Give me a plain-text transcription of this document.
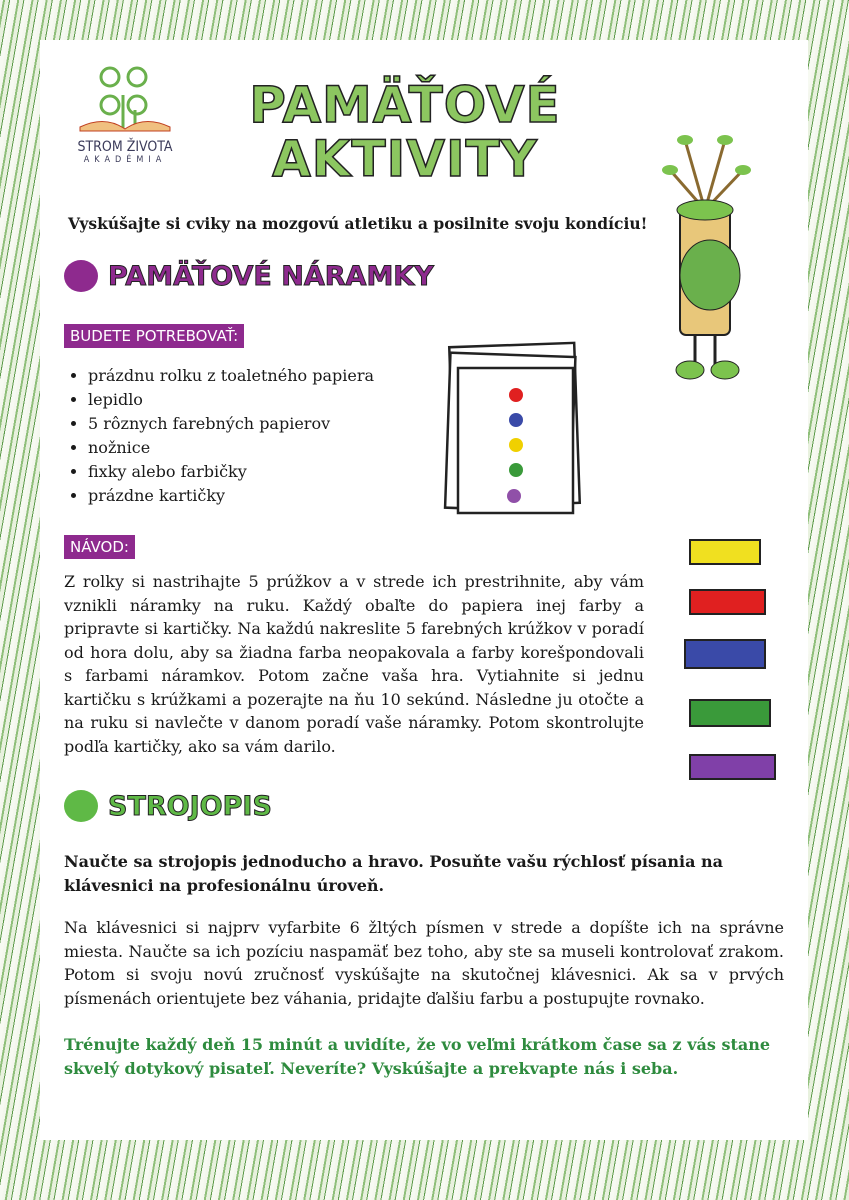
STROM ŽIVOTA
AKADÉMIA
PAMÄŤOVÉ
AKTIVITY
Vyskúšajte si cviky na mozgovú atletiku a posilnite svoju kondíciu!
PAMÄŤOVÉ NÁRAMKY
BUDETE POTREBOVAŤ:
• prázdnu rolku z toaletného papiera
• lepidlo
• 5 rôznych farebných papierov
• nožnice
• fixky alebo farbičky
• prázdne kartičky
NÁVOD:

Z rolky si nastrihajte 5 prúžkov a v strede ich prestrihnite, aby vám vznikli náramky na ruku. Každý obaľte do papiera inej farby a pripravte si kartičky. Na každú nakreslite 5 farebných krúžkov v poradí od hora dolu, aby sa žiadna farba neopakovala a farby korešpondovali s farbami náramkov. Potom začne vaša hra. Vytiahnite si jednu kartičku s krúžkami a pozerajte na ňu 10 sekúnd. Následne ju otočte a na ruku si navlečte v danom poradí vaše náramky. Potom skontrolujte podľa kartičky, ako sa vám darilo.

STROJOPIS

Naučte sa strojopis jednoducho a hravo. Posuňte vašu rýchlosť písania na klávesnici na profesionálnu úroveň.

Na klávesnici si najprv vyfarbite 6 žltých písmen v strede a dopíšte ich na správne miesta. Naučte sa ich pozíciu naspamäť bez toho, aby ste sa museli kontrolovať zrakom. Potom si svoju novú zručnosť vyskúšajte na skutočnej klávesnici. Ak sa v prvých písmenách orientujete bez váhania, pridajte ďalšiu farbu a postupujte rovnako.

Trénujte každý deň 15 minút a uvidíte, že vo veľmi krátkom čase sa z vás stane skvelý dotykový pisateľ. Neveríte? Vyskúšajte a prekvapte nás i seba.
